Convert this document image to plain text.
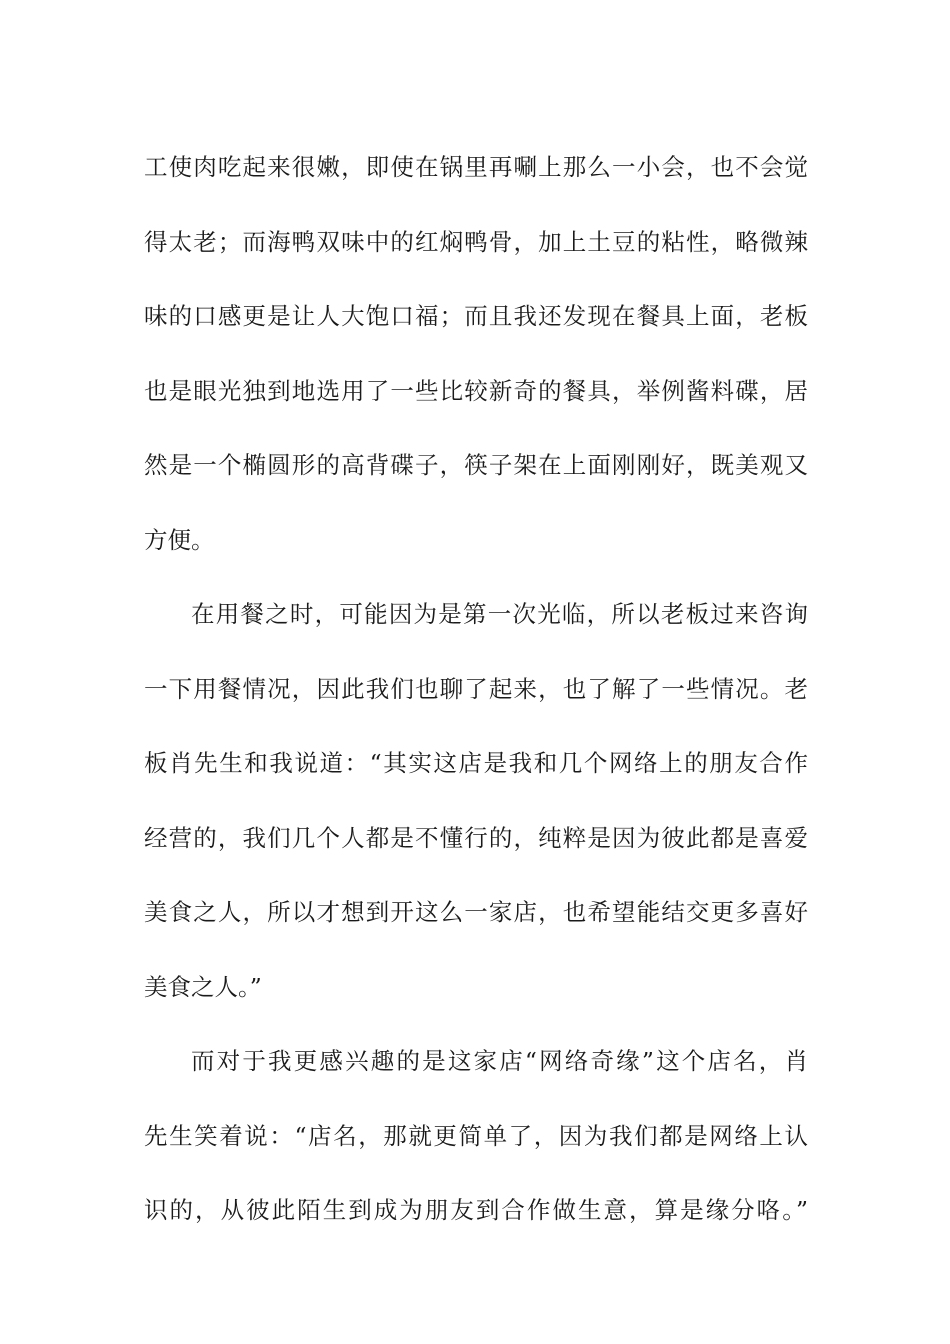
工使肉吃起来很嫩，即使在锅里再唰上那么一小会，也不会觉
得太老；而海鸭双味中的红焖鸭骨，加上土豆的粘性，略微辣
味的口感更是让人大饱口福；而且我还发现在餐具上面，老板
也是眼光独到地选用了一些比较新奇的餐具，举例酱料碟，居
然是一个椭圆形的高背碟子，筷子架在上面刚刚好，既美观又
方便。
在用餐之时，可能因为是第一次光临，所以老板过来咨询
一下用餐情况，因此我们也聊了起来，也了解了一些情况。老
板肖先生和我说道：“其实这店是我和几个网络上的朋友合作
经营的，我们几个人都是不懂行的，纯粹是因为彼此都是喜爱
美食之人，所以才想到开这么一家店，也希望能结交更多喜好
美食之人。”
而对于我更感兴趣的是这家店“网络奇缘”这个店名，肖
先生笑着说：“店名，那就更简单了，因为我们都是网络上认
识的，从彼此陌生到成为朋友到合作做生意，算是缘分咯。”
